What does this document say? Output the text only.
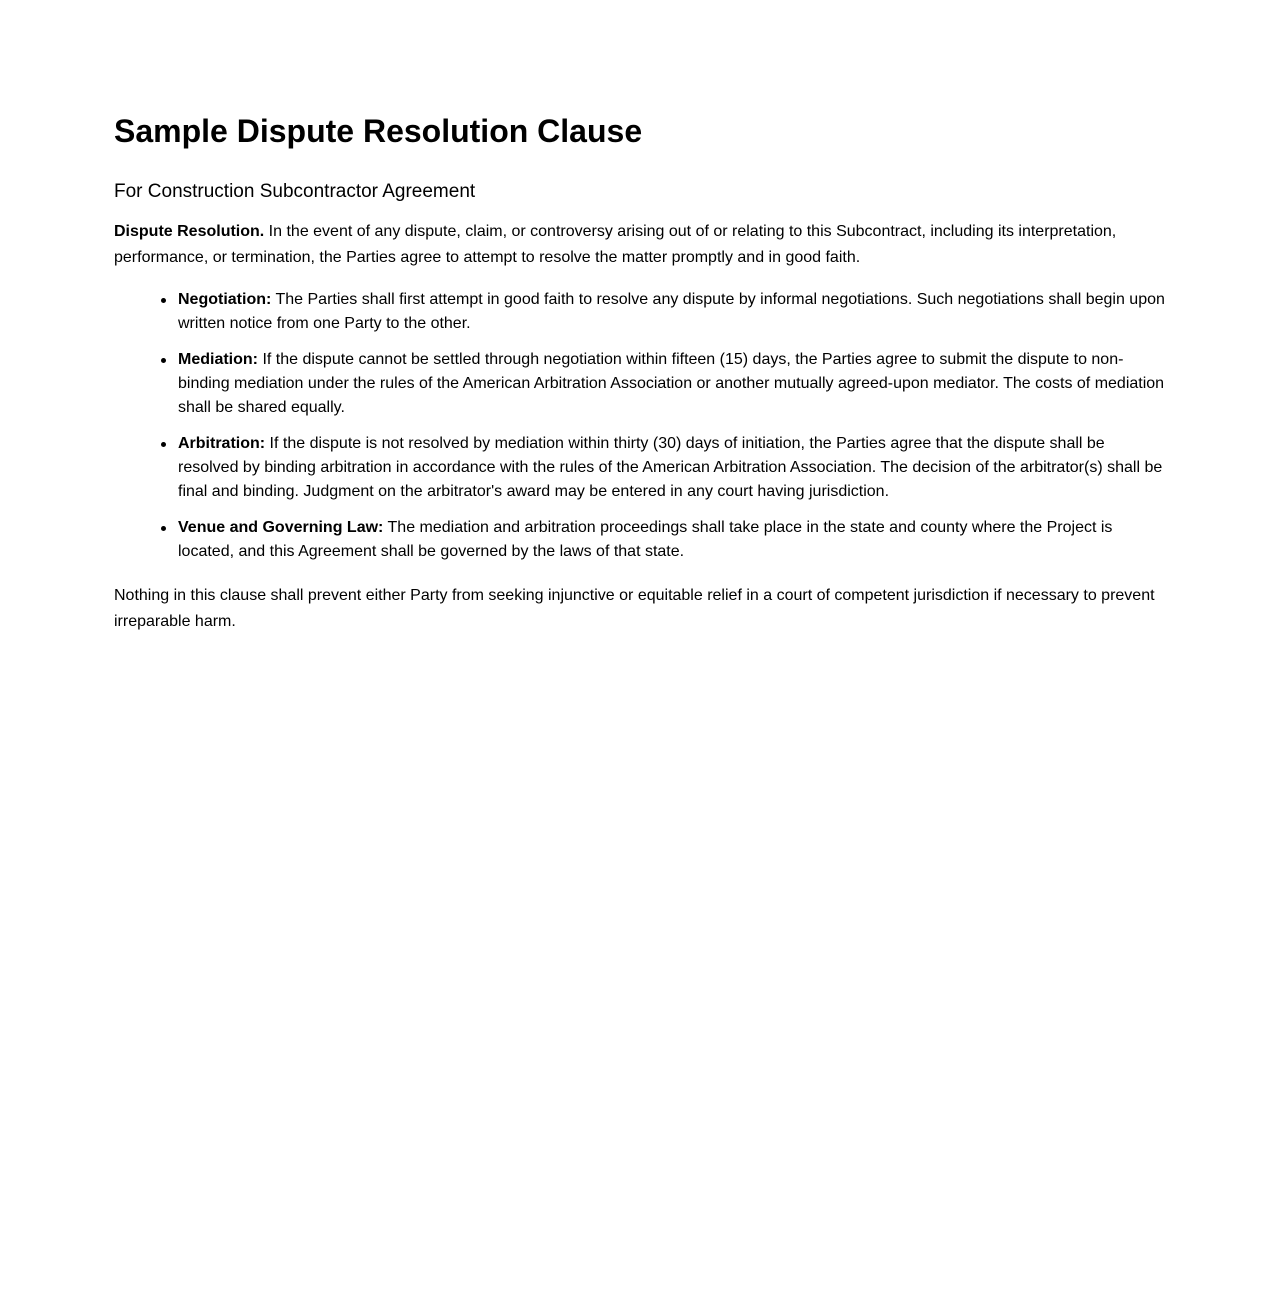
Sample Dispute Resolution Clause
For Construction Subcontractor Agreement

Dispute Resolution. In the event of any dispute, claim, or controversy arising out of or relating to this Subcontract, including its interpretation, performance, or termination, the Parties agree to attempt to resolve the matter promptly and in good faith.

Negotiation: The Parties shall first attempt in good faith to resolve any dispute by informal negotiations. Such negotiations shall begin upon written notice from one Party to the other.
Mediation: If the dispute cannot be settled through negotiation within fifteen (15) days, the Parties agree to submit the dispute to non-binding mediation under the rules of the American Arbitration Association or another mutually agreed-upon mediator. The costs of mediation shall be shared equally.
Arbitration: If the dispute is not resolved by mediation within thirty (30) days of initiation, the Parties agree that the dispute shall be resolved by binding arbitration in accordance with the rules of the American Arbitration Association. The decision of the arbitrator(s) shall be final and binding. Judgment on the arbitrator's award may be entered in any court having jurisdiction.
Venue and Governing Law: The mediation and arbitration proceedings shall take place in the state and county where the Project is located, and this Agreement shall be governed by the laws of that state.

Nothing in this clause shall prevent either Party from seeking injunctive or equitable relief in a court of competent jurisdiction if necessary to prevent irreparable harm.
